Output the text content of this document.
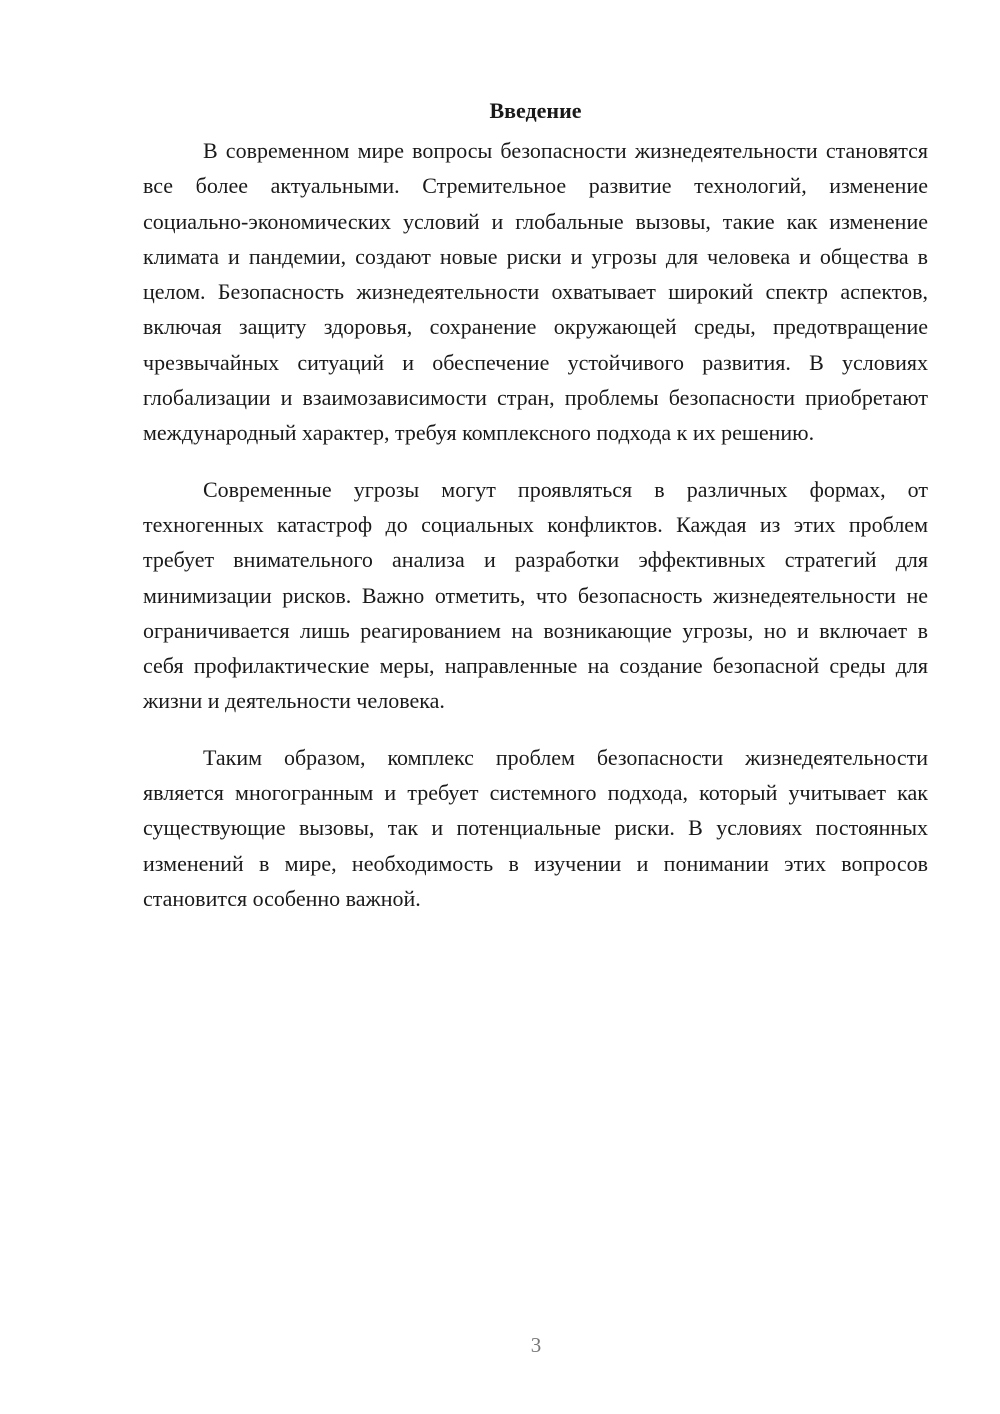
Введение

В современном мире вопросы безопасности жизнедеятельности становятся все более актуальными. Стремительное развитие технологий, изменение социально-экономических условий и глобальные вызовы, такие как изменение климата и пандемии, создают новые риски и угрозы для человека и общества в целом. Безопасность жизнедеятельности охватывает широкий спектр аспектов, включая защиту здоровья, сохранение окружающей среды, предотвращение чрезвычайных ситуаций и обеспечение устойчивого развития. В условиях глобализации и взаимозависимости стран, проблемы безопасности приобретают международный характер, требуя комплексного подхода к их решению.

Современные угрозы могут проявляться в различных формах, от техногенных катастроф до социальных конфликтов. Каждая из этих проблем требует внимательного анализа и разработки эффективных стратегий для минимизации рисков. Важно отметить, что безопасность жизнедеятельности не ограничивается лишь реагированием на возникающие угрозы, но и включает в себя профилактические меры, направленные на создание безопасной среды для жизни и деятельности человека.

Таким образом, комплекс проблем безопасности жизнедеятельности является многогранным и требует системного подхода, который учитывает как существующие вызовы, так и потенциальные риски. В условиях постоянных изменений в мире, необходимость в изучении и понимании этих вопросов становится особенно важной.

3
